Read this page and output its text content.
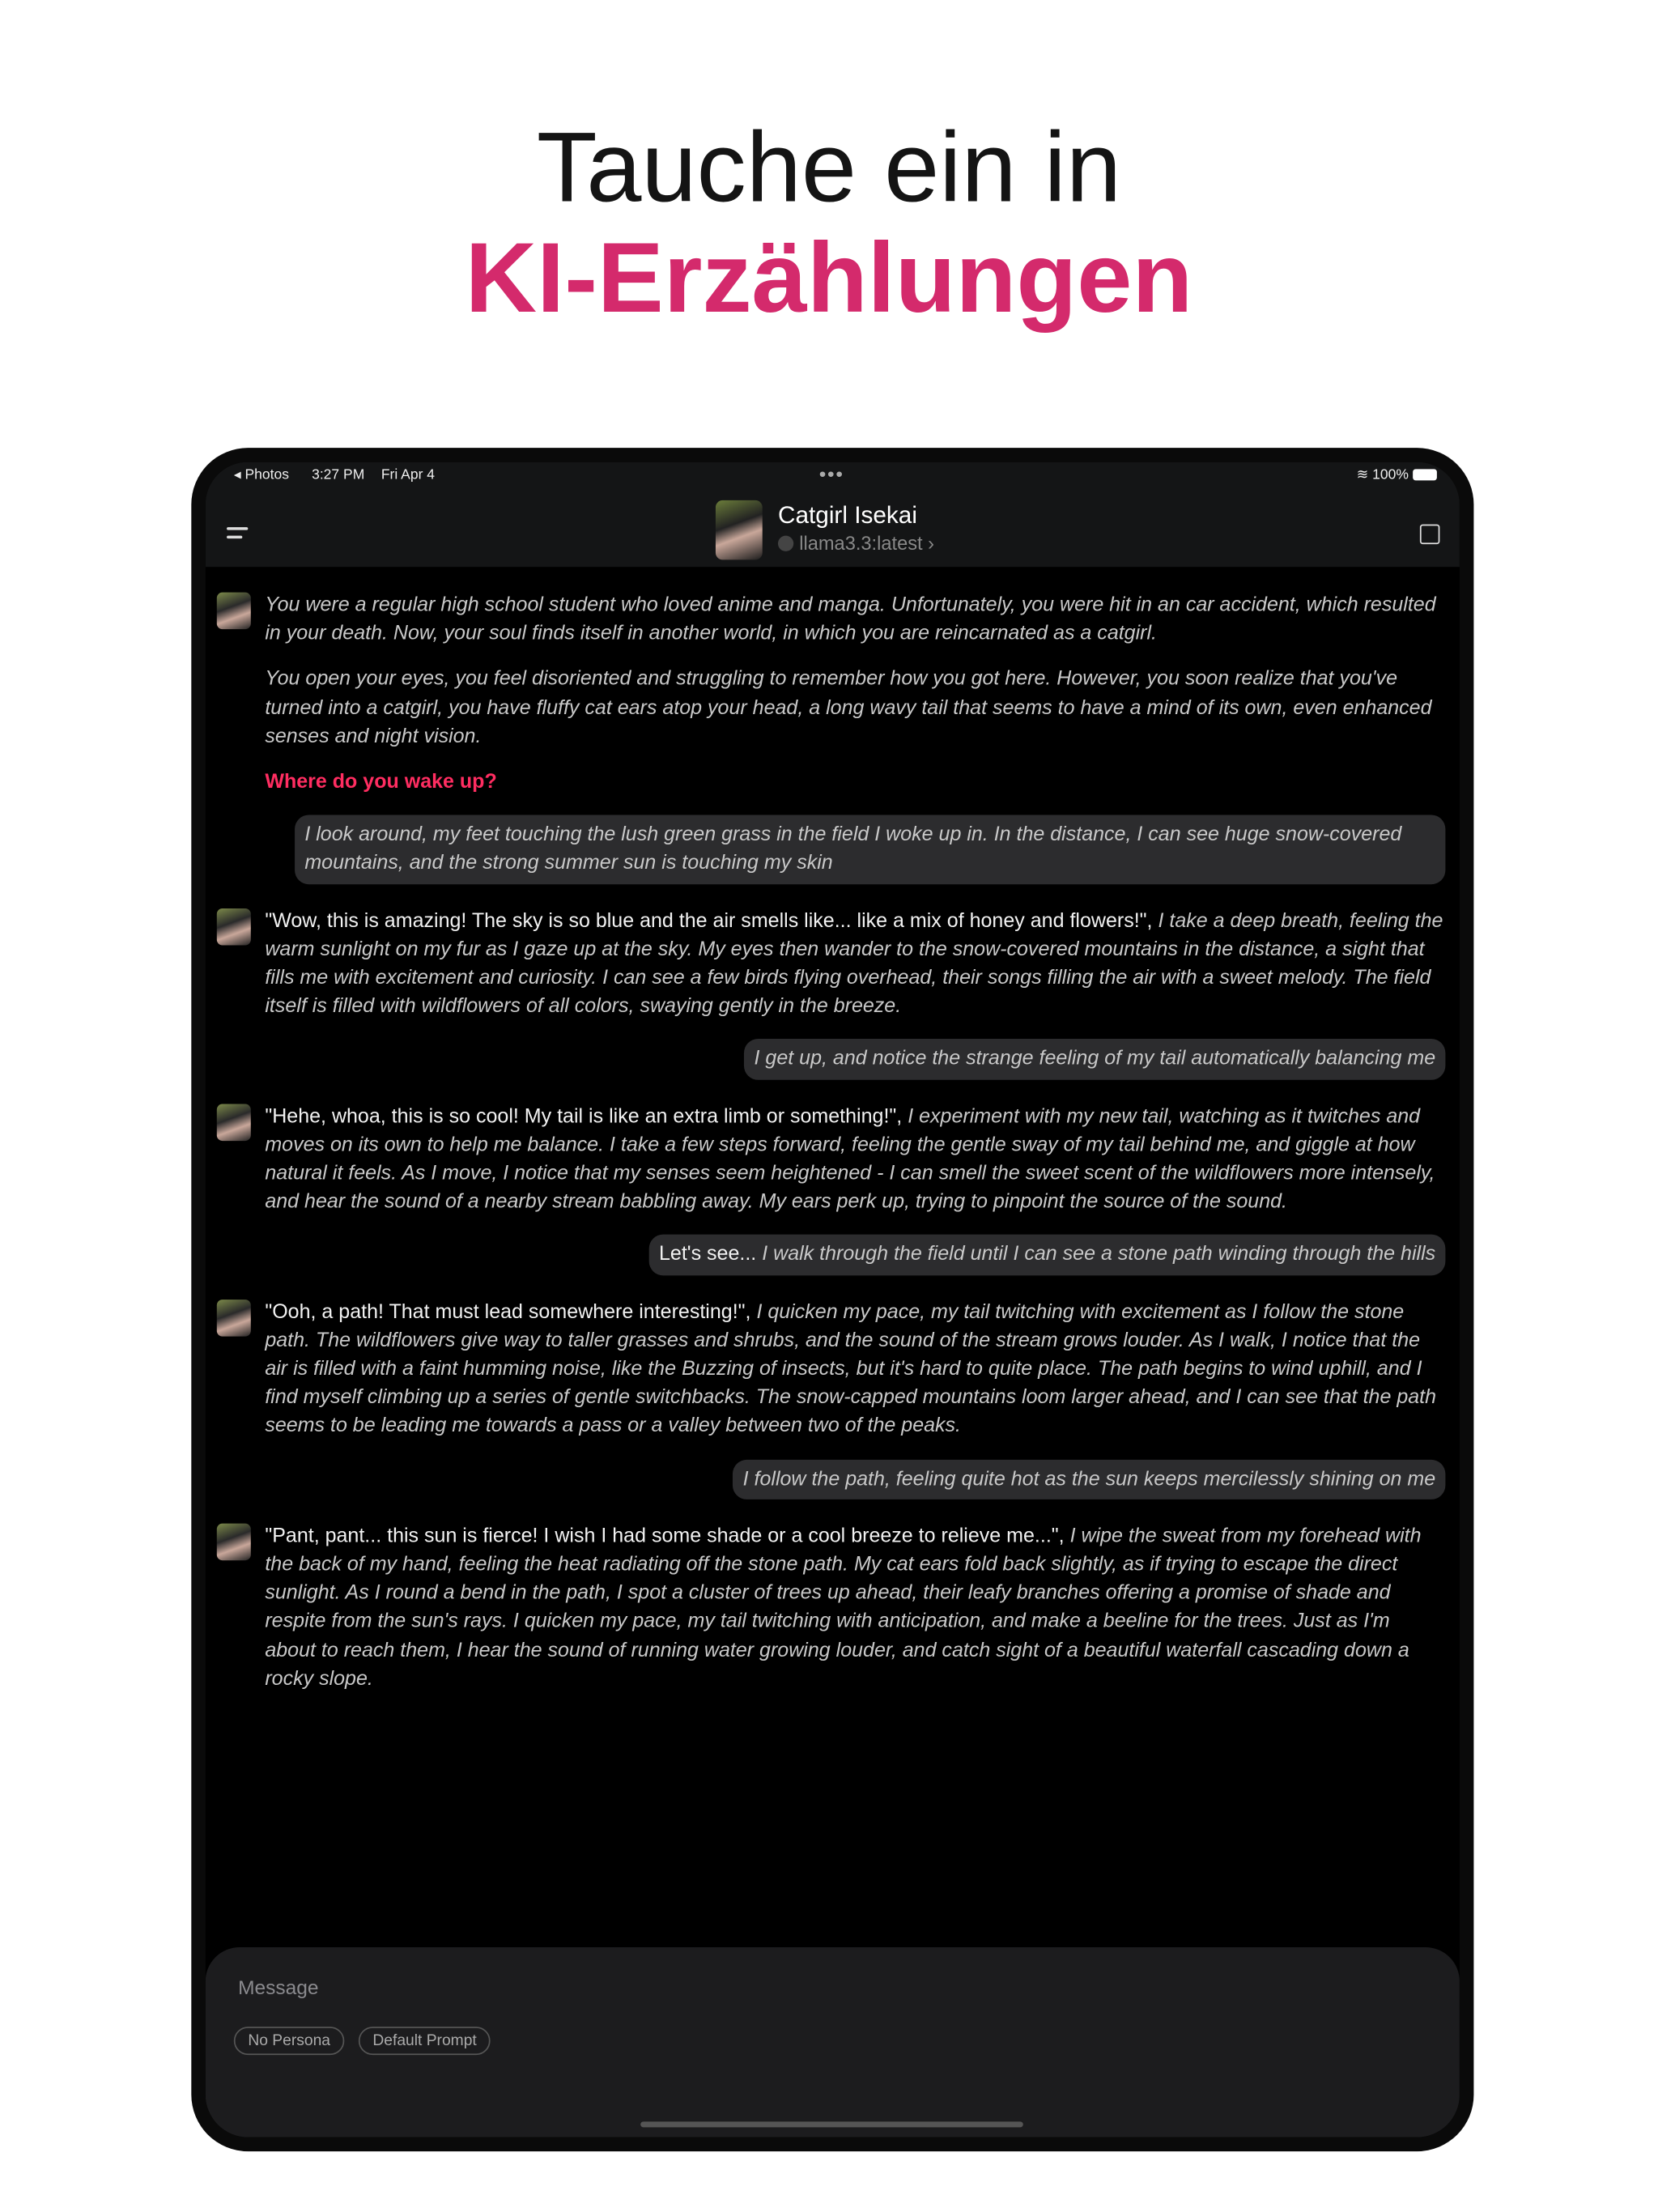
Tauche ein in
KI-Erzählungen
◂ Photos	3:27 PM Fri Apr 4	•••	≋ 100%
Catgirl Isekai
llama3.3:latest ›

You were a regular high school student who loved anime and manga. Unfortunately, you were hit in an car accident, which resulted in your death. Now, your soul finds itself in another world, in which you are reincarnated as a catgirl.

You open your eyes, you feel disoriented and struggling to remember how you got here. However, you soon realize that you've turned into a catgirl, you have fluffy cat ears atop your head, a long wavy tail that seems to have a mind of its own, even enhanced senses and night vision.

Where do you wake up?

I look around, my feet touching the lush green grass in the field I woke up in. In the distance, I can see huge snow-covered mountains, and the strong summer sun is touching my skin

"Wow, this is amazing! The sky is so blue and the air smells like... like a mix of honey and flowers!", I take a deep breath, feeling the warm sunlight on my fur as I gaze up at the sky. My eyes then wander to the snow-covered mountains in the distance, a sight that fills me with excitement and curiosity. I can see a few birds flying overhead, their songs filling the air with a sweet melody. The field itself is filled with wildflowers of all colors, swaying gently in the breeze.

I get up, and notice the strange feeling of my tail automatically balancing me

"Hehe, whoa, this is so cool! My tail is like an extra limb or something!", I experiment with my new tail, watching as it twitches and moves on its own to help me balance. I take a few steps forward, feeling the gentle sway of my tail behind me, and giggle at how natural it feels. As I move, I notice that my senses seem heightened - I can smell the sweet scent of the wildflowers more intensely, and hear the sound of a nearby stream babbling away. My ears perk up, trying to pinpoint the source of the sound.

Let's see... I walk through the field until I can see a stone path winding through the hills

"Ooh, a path! That must lead somewhere interesting!", I quicken my pace, my tail twitching with excitement as I follow the stone path. The wildflowers give way to taller grasses and shrubs, and the sound of the stream grows louder. As I walk, I notice that the air is filled with a faint humming noise, like the Buzzing of insects, but it's hard to quite place. The path begins to wind uphill, and I find myself climbing up a series of gentle switchbacks. The snow-capped mountains loom larger ahead, and I can see that the path seems to be leading me towards a pass or a valley between two of the peaks.

I follow the path, feeling quite hot as the sun keeps mercilessly shining on me

"Pant, pant... this sun is fierce! I wish I had some shade or a cool breeze to relieve me...", I wipe the sweat from my forehead with the back of my hand, feeling the heat radiating off the stone path. My cat ears fold back slightly, as if trying to escape the direct sunlight. As I round a bend in the path, I spot a cluster of trees up ahead, their leafy branches offering a promise of shade and respite from the sun's rays. I quicken my pace, my tail twitching with anticipation, and make a beeline for the trees. Just as I'm about to reach them, I hear the sound of running water growing louder, and catch sight of a beautiful waterfall cascading down a rocky slope.

Message
No Persona	Default Prompt
